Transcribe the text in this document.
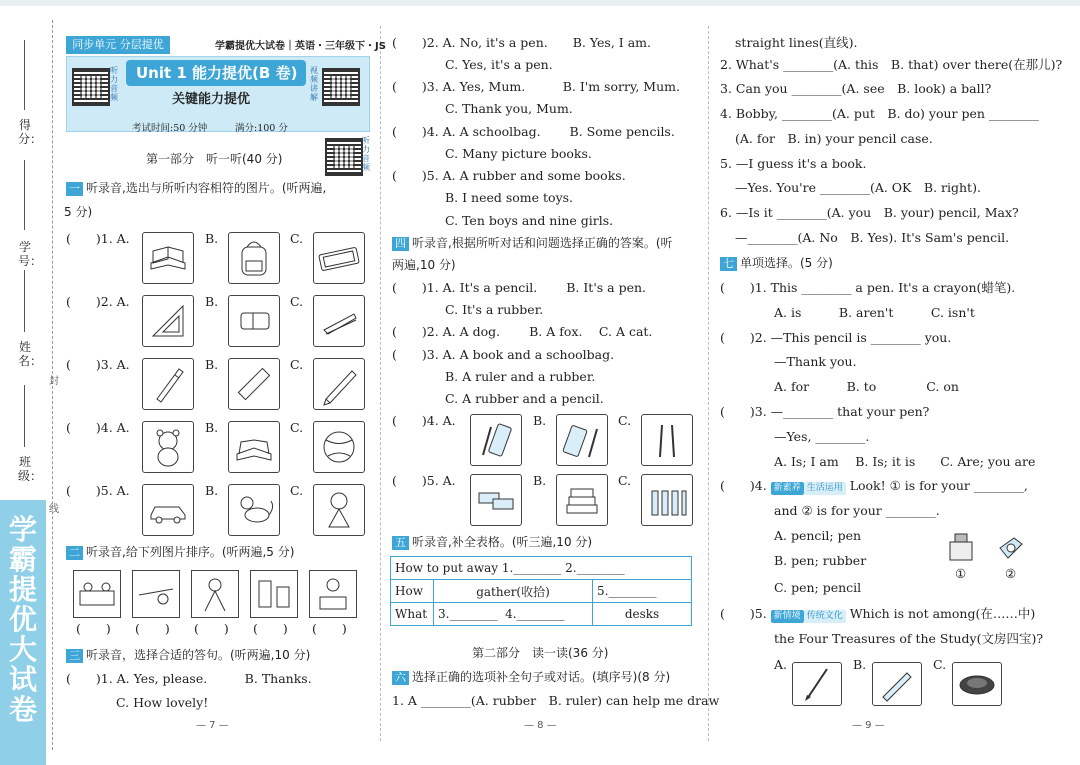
学霸提优大试卷
得分：
学号：
姓名：
班级：
封
线
同步单元 分层提优	学霸提优大试卷｜英语・三年级下・JS
听力音频
Unit 1 能力提优(B 卷)
关键能力提优
视频讲解
考试时间:50 分钟	满分:100 分
听力音频
第一部分　听一听(40 分)
一 听录音,选出与所听内容相符的图片。(听两遍,
5 分)
(　　)1. A.	B.	C.
(　　)2. A.	B.	C.
(　　)3. A.	B.	C.
(　　)4. A.	B.	C.
(　　)5. A.	B.	C.
二 听录音,给下列图片排序。(听两遍,5 分)
(　　) (　　) (　　) (　　) (　　)
三 听录音，选择合适的答句。(听两遍,10 分)
(　　)1. A. Yes, please.　　　B. Thanks.
C. How lovely!
— 7 —
(　　)2. A. No, it's a pen.　　B. Yes, I am.
C. Yes, it's a pen.
(　　)3. A. Yes, Mum.　　　B. I'm sorry, Mum.
C. Thank you, Mum.
(　　)4. A. A schoolbag.　　 B. Some pencils.
C. Many picture books.
(　　)5. A. A rubber and some books.
B. I need some toys.
C. Ten boys and nine girls.
四 听录音,根据所听对话和问题选择正确的答案。(听
两遍,10 分)
(　　)1. A. It's a pencil.　　 B. It's a pen.
C. It's a rubber.
(　　)2. A. A dog.　　 B. A fox.　 C. A cat.
(　　)3. A. A book and a schoolbag.
B. A ruler and a rubber.
C. A rubber and a pencil.
(　　)4. A.	B.	C.
(　　)5. A.	B.	C.
五 听录音,补全表格。(听三遍,10 分)
How to put away 1.________ 2.________		
How	gather(收拾)	5.________
What	3.________ 4.________	desks
第二部分　读一读(36 分)
六 选择正确的选项补全句子或对话。(填序号)(8 分)
1. A ________(A. rubber　B. ruler) can help me draw
— 8 —
straight lines(直线).
2. What's ________(A. this　B. that) over there(在那儿)?
3. Can you ________(A. see　B. look) a ball?
4. Bobby, ________(A. put　B. do) your pen ________
(A. for　B. in) your pencil case.
5. —I guess it's a book.
—Yes. You're ________(A. OK　B. right).
6. —Is it ________(A. you　B. your) pencil, Max?
—________(A. No　B. Yes). It's Sam's pencil.
七 单项选择。(5 分)
(　　)1. This ________ a pen. It's a crayon(蜡笔).
A. is　　　B. aren't　　　C. isn't
(　　)2. —This pencil is ________ you.
—Thank you.
A. for　　　B. to　　　　C. on
(　　)3. —________ that your pen?
—Yes, ________.
A. Is; I am　 B. Is; it is　　C. Are; you are
(　　)4. 新素养 生活运用 Look! ① is for your ________,
and ② is for your ________.
A. pencil; pen
B. pen; rubber
C. pen; pencil
①	②
(　　)5. 新情境 传统文化 Which is not among(在……中)
the Four Treasures of the Study(文房四宝)?
A.	B.	C.
— 9 —
